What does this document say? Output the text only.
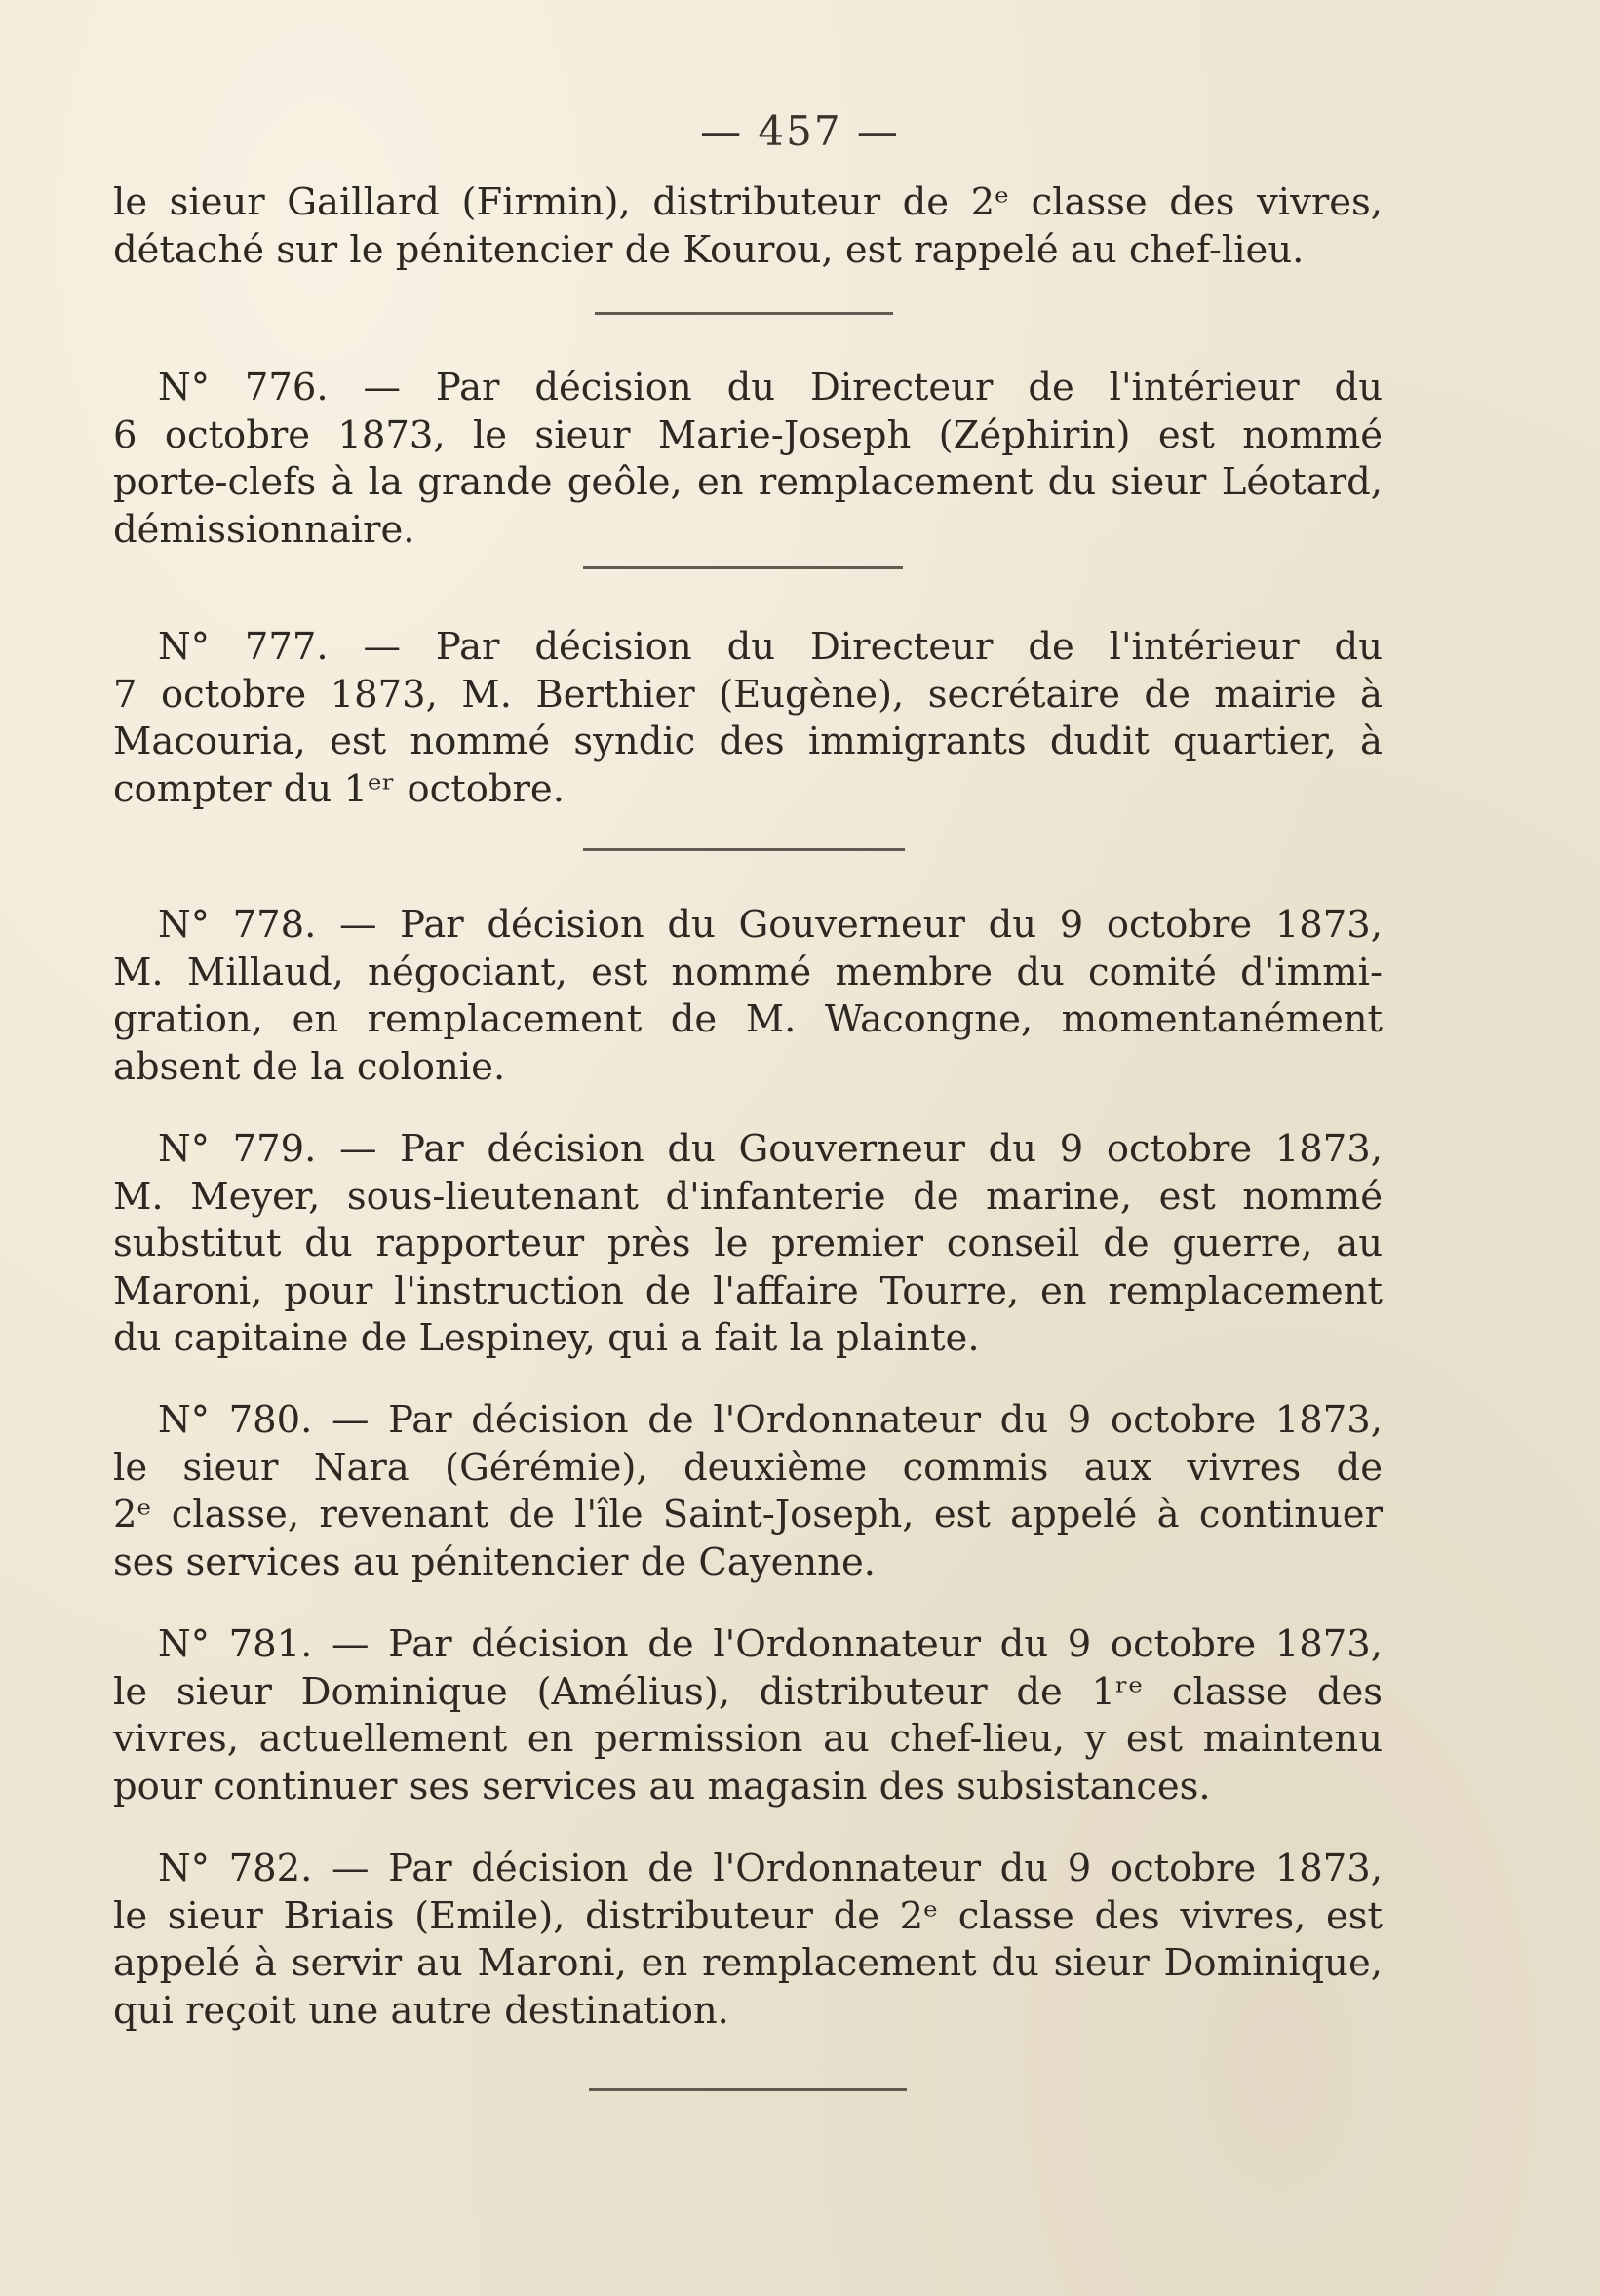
— 457 —
le sieur Gaillard (Firmin), distributeur de 2ᵉ classe des vivres,
détaché sur le pénitencier de Kourou, est rappelé au chef-lieu.
N° 776. — Par décision du Directeur de l'intérieur du
6 octobre 1873, le sieur Marie-Joseph (Zéphirin) est nommé
porte-clefs à la grande geôle, en remplacement du sieur Léotard,
démissionnaire.
N° 777. — Par décision du Directeur de l'intérieur du
7 octobre 1873, M. Berthier (Eugène), secrétaire de mairie à
Macouria, est nommé syndic des immigrants dudit quartier, à
compter du 1ᵉʳ octobre.
N° 778. — Par décision du Gouverneur du 9 octobre 1873,
M. Millaud, négociant, est nommé membre du comité d'immi-
gration, en remplacement de M. Wacongne, momentanément
absent de la colonie.
N° 779. — Par décision du Gouverneur du 9 octobre 1873,
M. Meyer, sous-lieutenant d'infanterie de marine, est nommé
substitut du rapporteur près le premier conseil de guerre, au
Maroni, pour l'instruction de l'affaire Tourre, en remplacement
du capitaine de Lespiney, qui a fait la plainte.
N° 780. — Par décision de l'Ordonnateur du 9 octobre 1873,
le sieur Nara (Gérémie), deuxième commis aux vivres de
2ᵉ classe, revenant de l'île Saint-Joseph, est appelé à continuer
ses services au pénitencier de Cayenne.
N° 781. — Par décision de l'Ordonnateur du 9 octobre 1873,
le sieur Dominique (Amélius), distributeur de 1ʳᵉ classe des
vivres, actuellement en permission au chef-lieu, y est maintenu
pour continuer ses services au magasin des subsistances.
N° 782. — Par décision de l'Ordonnateur du 9 octobre 1873,
le sieur Briais (Emile), distributeur de 2ᵉ classe des vivres, est
appelé à servir au Maroni, en remplacement du sieur Dominique,
qui reçoit une autre destination.
